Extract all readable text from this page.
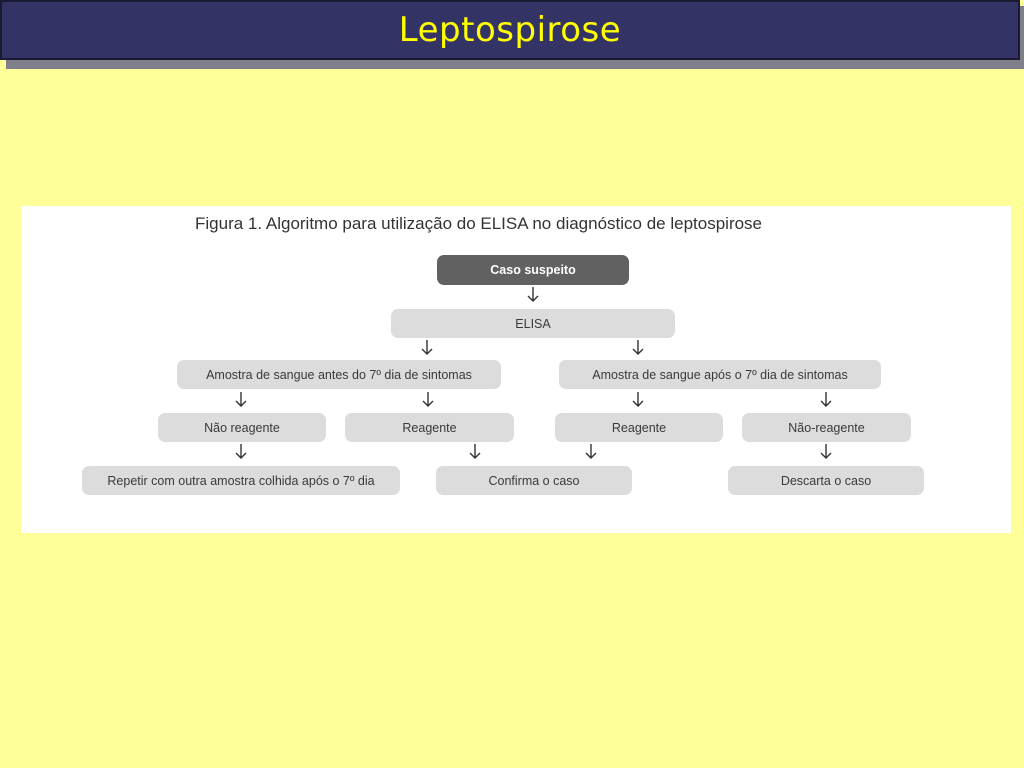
Leptospirose
Figura 1. Algoritmo para utilização do ELISA no diagnóstico de leptospirose
Caso suspeito
ELISA
Amostra de sangue antes do 7º dia de sintomas	Amostra de sangue após o 7º dia de sintomas
Não reagente	Reagente	Reagente	Não-reagente
Repetir com outra amostra colhida após o 7º dia	Confirma o caso	Descarta o caso
